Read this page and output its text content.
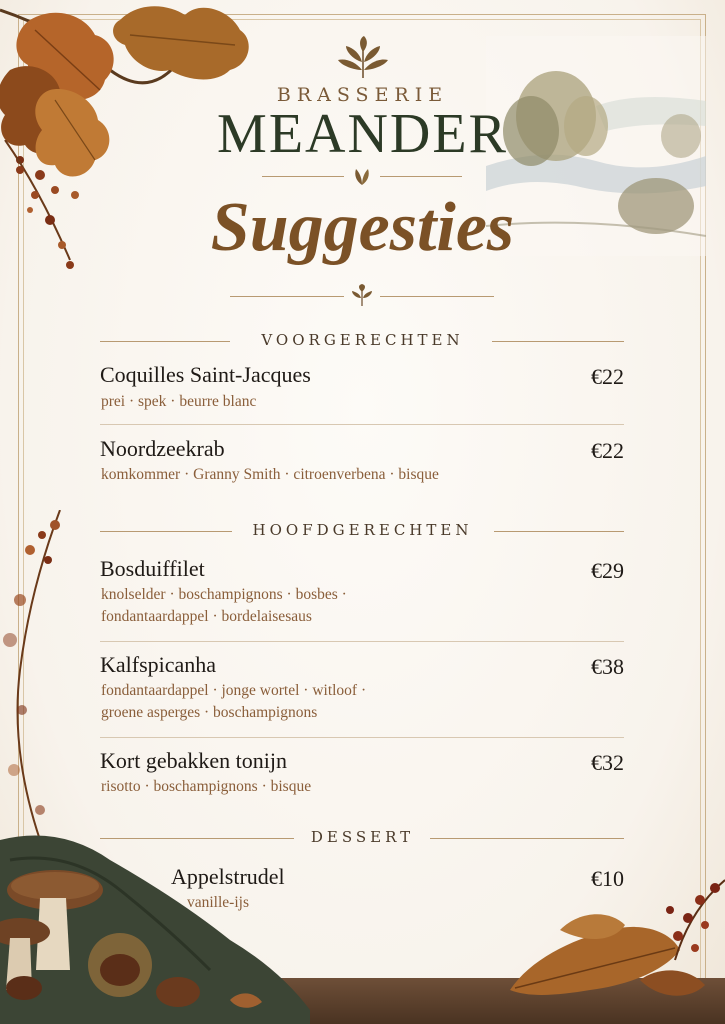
BRASSERIE
MEANDER
Suggesties
VOORGERECHTEN
Coquilles Saint-Jacques	€22
prei · spek · beurre blanc
Noordzeekrab	€22
komkommer · Granny Smith · citroenverbena · bisque
HOOFDGERECHTEN
Bosduiffilet	€29
knolselder · boschampignons · bosbes ·
fondantaardappel · bordelaisesaus
Kalfspicanha	€38
fondantaardappel · jonge wortel · witloof ·
groene asperges · boschampignons
Kort gebakken tonijn	€32
risotto · boschampignons · bisque
DESSERT
Appelstrudel	€10
vanille-ijs
